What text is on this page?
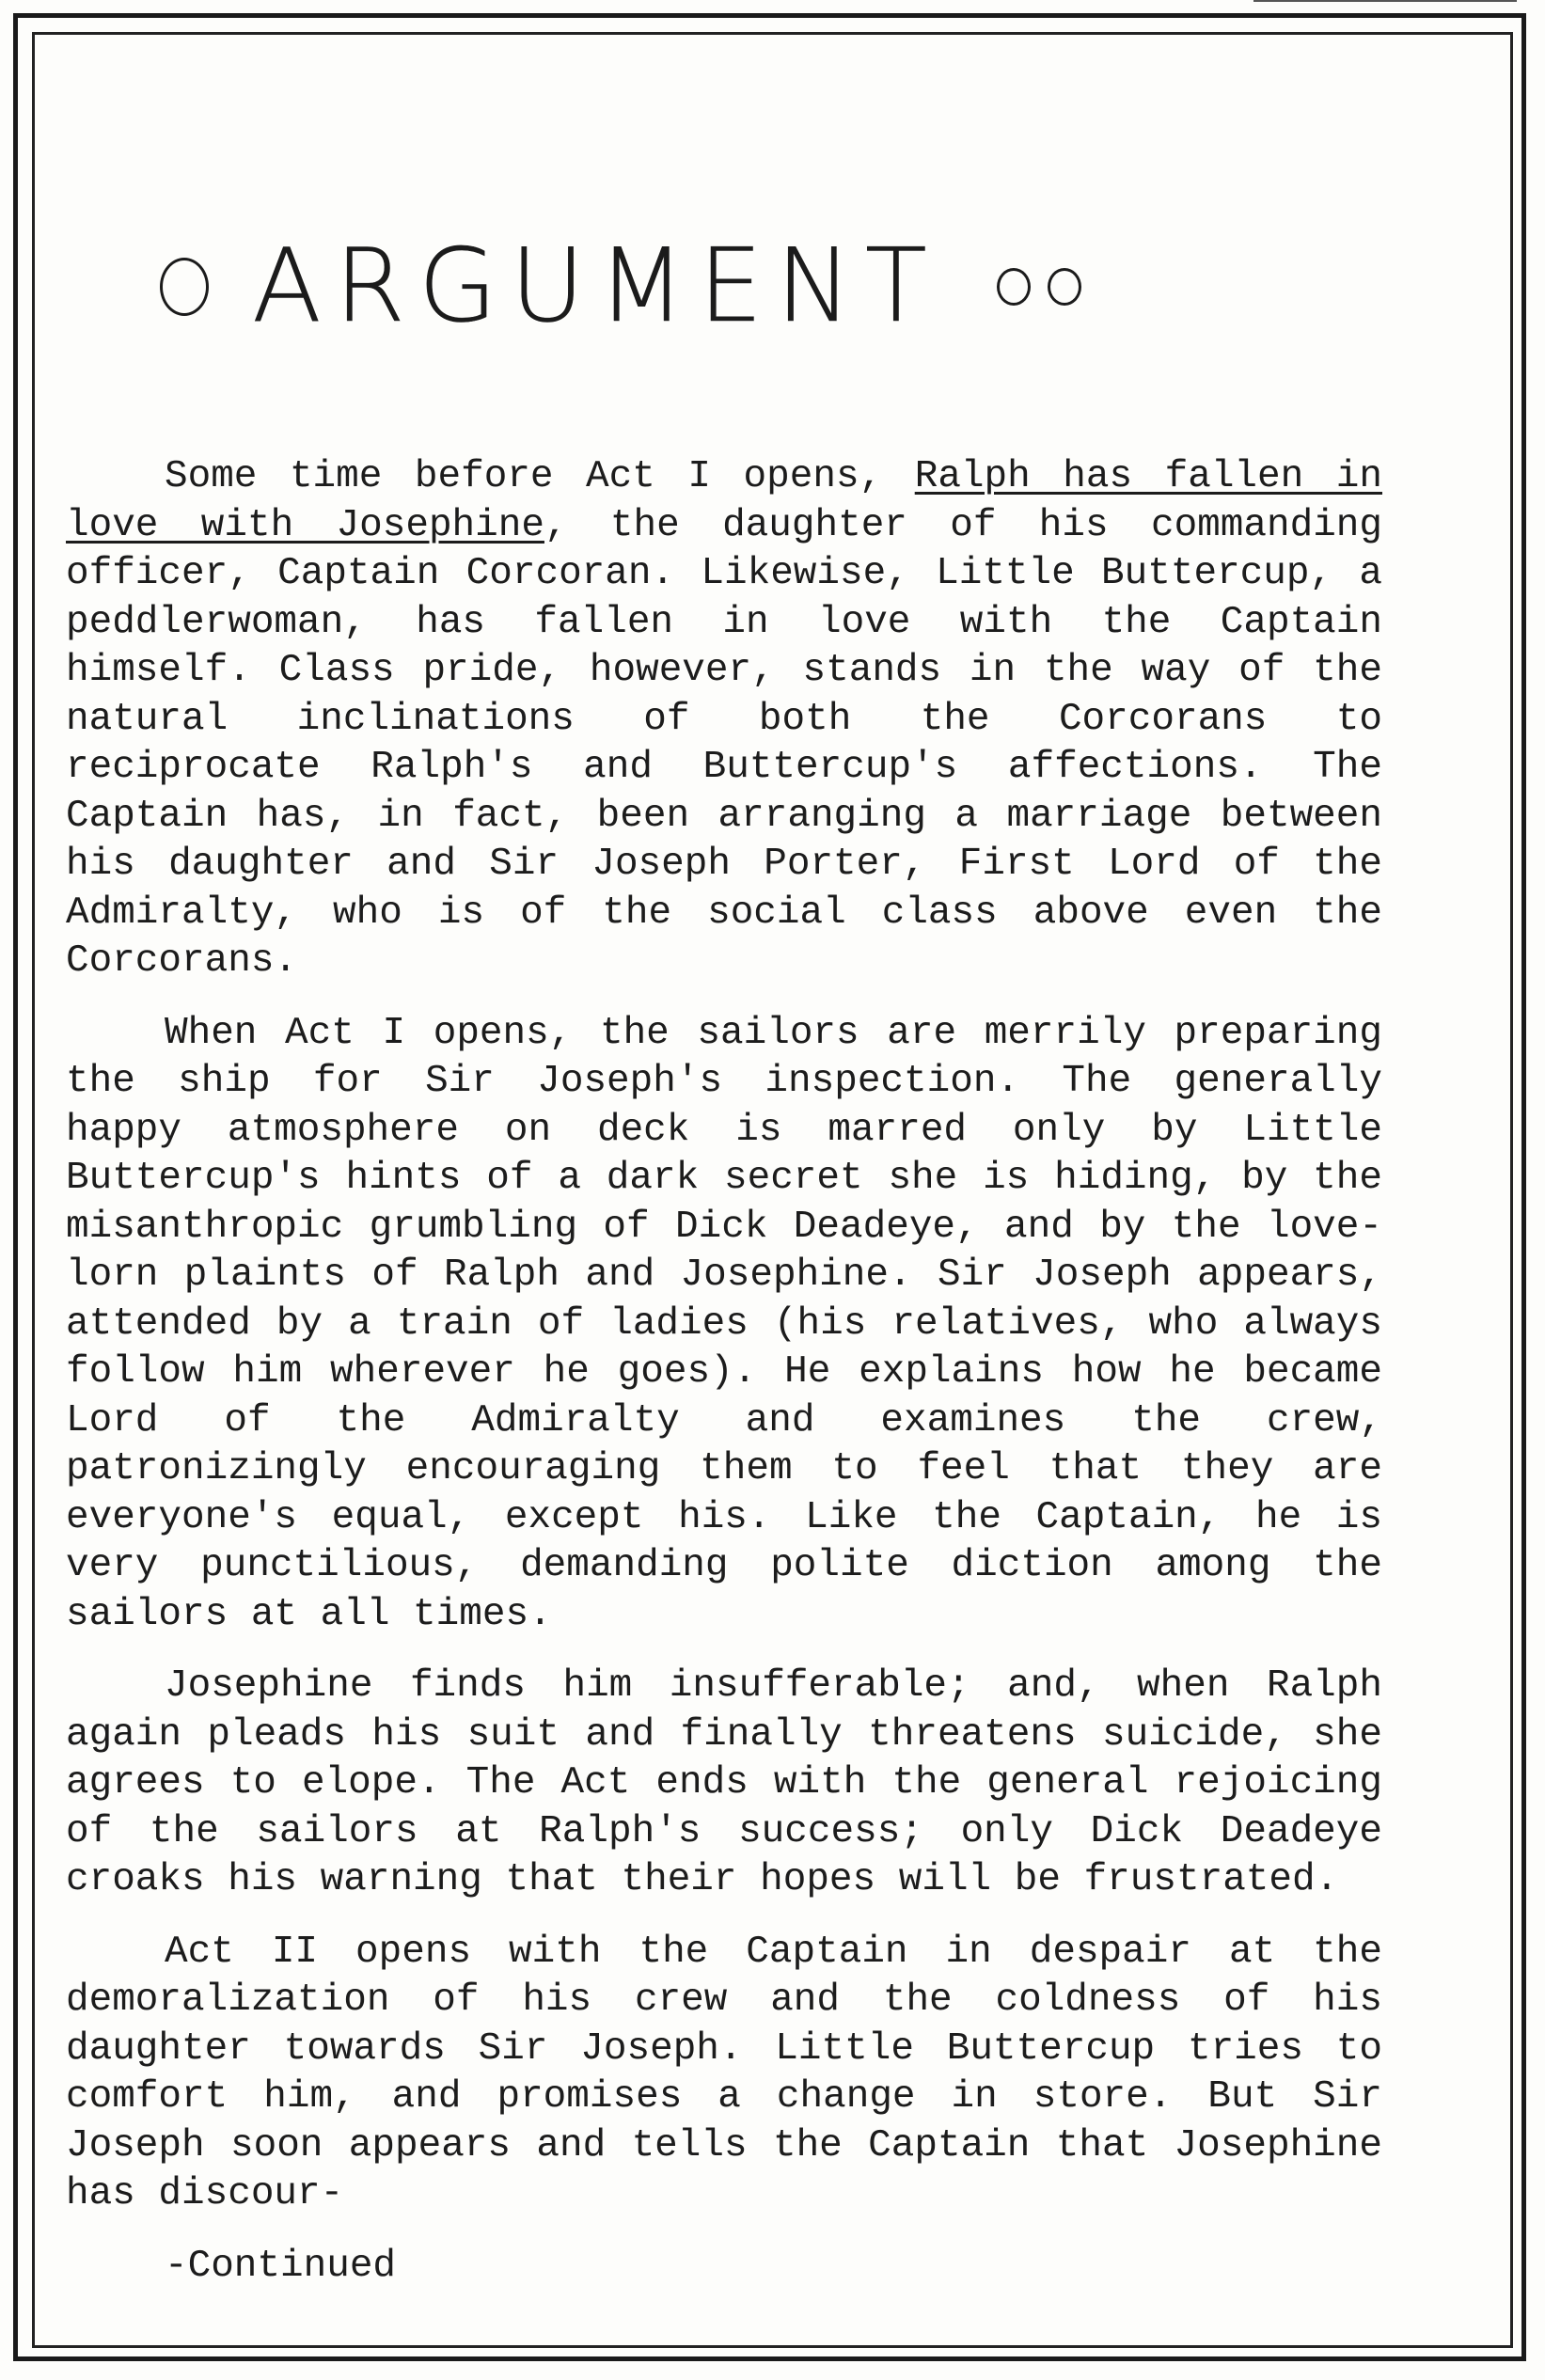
ARGUMENT

Some time before Act I opens, Ralph has fallen in love with Josephine, the daughter of his commanding officer, Captain Corcoran. Likewise, Little Buttercup, a peddlerwoman, has fallen in love with the Captain himself. Class pride, however, stands in the way of the natural inclinations of both the Corcorans to reciprocate Ralph's and Buttercup's affections. The Captain has, in fact, been arranging a marriage between his daughter and Sir Joseph Porter, First Lord of the Admiralty, who is of the social class above even the Corcorans.

When Act I opens, the sailors are merrily preparing the ship for Sir Joseph's inspection. The generally happy atmosphere on deck is marred only by Little Buttercup's hints of a dark secret she is hiding, by the misanthropic grumbling of Dick Deadeye, and by the love-lorn plaints of Ralph and Josephine. Sir Joseph appears, attended by a train of ladies (his relatives, who always follow him wherever he goes). He explains how he became Lord of the Admiralty and examines the crew, patronizingly encouraging them to feel that they are everyone's equal, except his. Like the Captain, he is very punctilious, demanding polite diction among the sailors at all times.

Josephine finds him insufferable; and, when Ralph again pleads his suit and finally threatens suicide, she agrees to elope. The Act ends with the general rejoicing of the sailors at Ralph's success; only Dick Deadeye croaks his warning that their hopes will be frustrated.

Act II opens with the Captain in despair at the demoralization of his crew and the coldness of his daughter towards Sir Joseph. Little Buttercup tries to comfort him, and promises a change in store. But Sir Joseph soon appears and tells the Captain that Josephine has discour-

-Continued
